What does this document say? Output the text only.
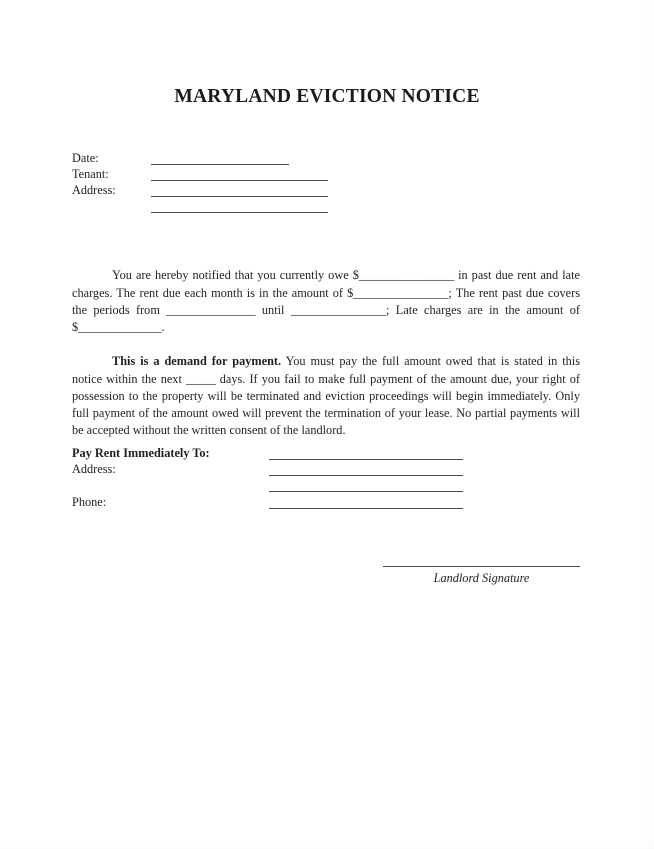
MARYLAND EVICTION NOTICE
Date:
Tenant:
Address:

You are hereby notified that you currently owe $________________ in past due rent and late charges. The rent due each month is in the amount of $________________; The rent past due covers the periods from _______________ until ________________; Late charges are in the amount of $______________.

This is a demand for payment. You must pay the full amount owed that is stated in this notice within the next _____ days. If you fail to make full payment of the amount due, your right of possession to the property will be terminated and eviction proceedings will begin immediately. Only full payment of the amount owed will prevent the termination of your lease. No partial payments will be accepted without the written consent of the landlord.

Pay Rent Immediately To:
Address:
Phone:
Landlord Signature
